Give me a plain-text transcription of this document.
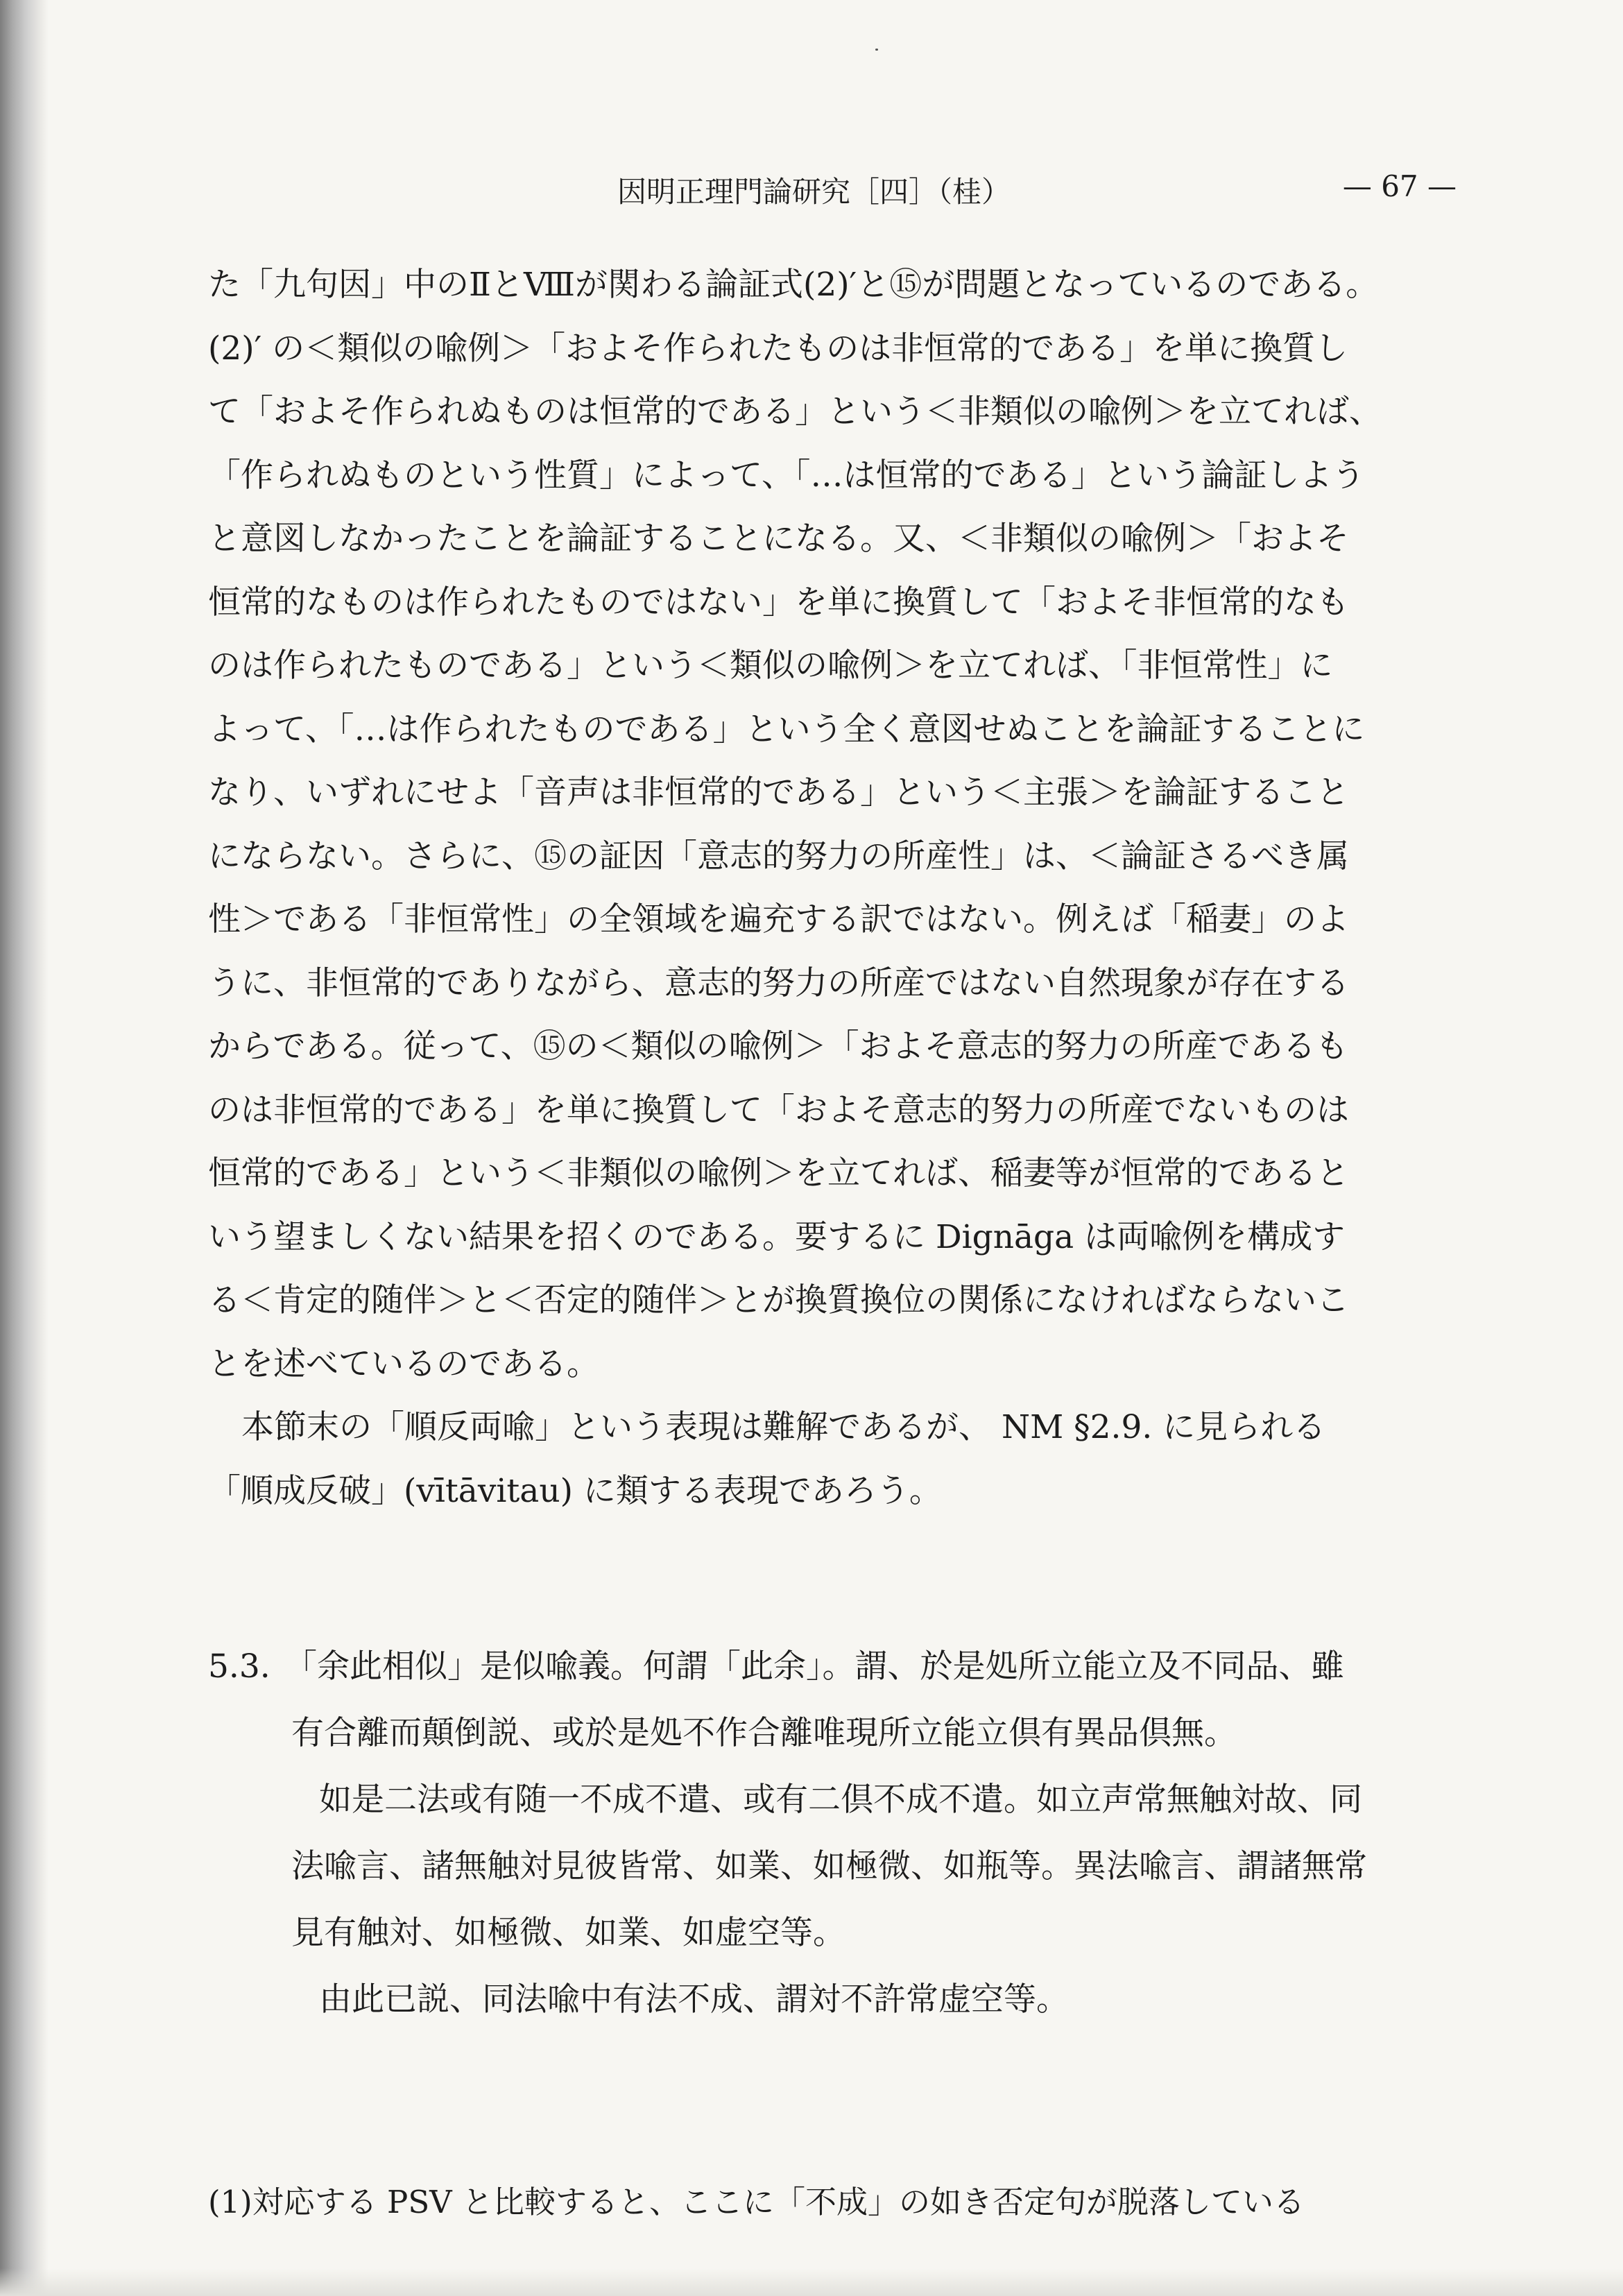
因明正理門論研究［四］（桂）	— 67 —
た「九句因」中のⅡとⅧが関わる論証式(2)′と⑮が問題となっているのである。
(2)′ の＜類似の喩例＞「およそ作られたものは非恒常的である」を単に換質し
て「およそ作られぬものは恒常的である」という＜非類似の喩例＞を立てれば、
「作られぬものという性質」によって、「…は恒常的である」という論証しよう
と意図しなかったことを論証することになる。又、＜非類似の喩例＞「およそ
恒常的なものは作られたものではない」を単に換質して「およそ非恒常的なも
のは作られたものである」という＜類似の喩例＞を立てれば、「非恒常性」に
よって、「…は作られたものである」という全く意図せぬことを論証することに
なり、いずれにせよ「音声は非恒常的である」という＜主張＞を論証すること
にならない。さらに、⑮の証因「意志的努力の所産性」は、＜論証さるべき属
性＞である「非恒常性」の全領域を遍充する訳ではない。例えば「稲妻」のよ
うに、非恒常的でありながら、意志的努力の所産ではない自然現象が存在する
からである。従って、⑮の＜類似の喩例＞「およそ意志的努力の所産であるも
のは非恒常的である」を単に換質して「およそ意志的努力の所産でないものは
恒常的である」という＜非類似の喩例＞を立てれば、稲妻等が恒常的であると
いう望ましくない結果を招くのである。要するに Dignāga は両喩例を構成す
る＜肯定的随伴＞と＜否定的随伴＞とが換質換位の関係になければならないこ
とを述べているのである。
本節末の「順反両喩」という表現は難解であるが、 NM §2.9. に見られる
「順成反破」(vītāvitau) に類する表現であろう。
5.3. 「余此相似」是似喩義。何謂「此余」。謂、於是処所立能立及不同品、雖
有合離而顛倒説、或於是処不作合離唯現所立能立倶有異品倶無。
如是二法或有随一不成不遣、或有二倶不成不遣。如立声常無触対故、同
法喩言、諸無触対見彼皆常、如業、如極微、如瓶等。異法喩言、謂諸無常
見有触対、如極微、如業、如虚空等。
由此已説、同法喩中有法不成、謂対不許常虚空等。
(1)対応する PSV と比較すると、ここに「不成」の如き否定句が脱落している
